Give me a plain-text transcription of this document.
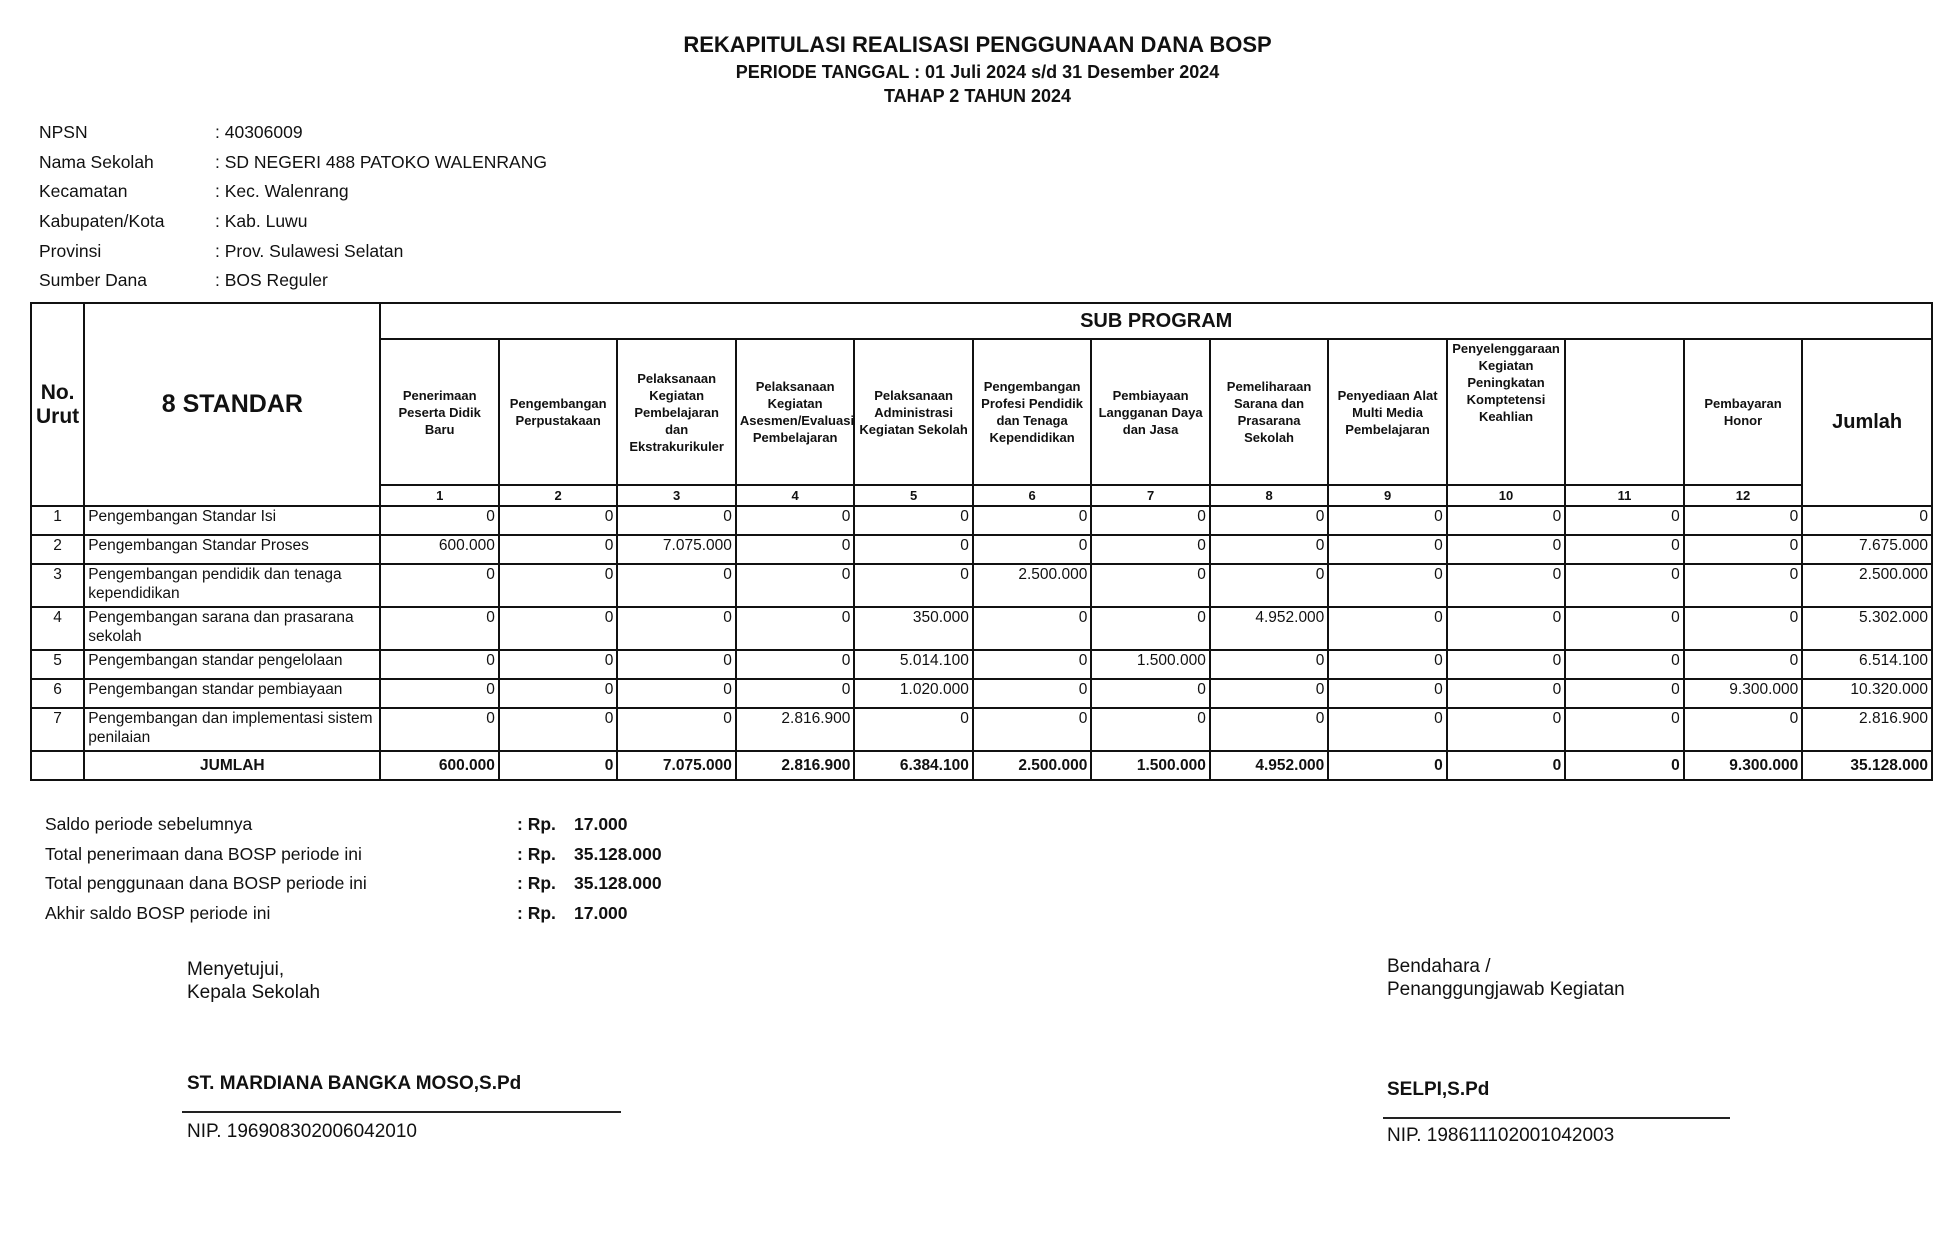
REKAPITULASI REALISASI PENGGUNAAN DANA BOSP
PERIODE TANGGAL : 01 Juli 2024 s/d 31 Desember 2024
TAHAP 2 TAHUN 2024
NPSN	: 40306009
Nama Sekolah	: SD NEGERI 488 PATOKO WALENRANG
Kecamatan	: Kec. Walenrang
Kabupaten/Kota	: Kab. Luwu
Provinsi	: Prov. Sulawesi Selatan
Sumber Dana	: BOS Reguler
No. Urut	8 STANDAR	SUB PROGRAM												
		Penerimaan Peserta Didik Baru	Pengembangan Perpustakaan	Pelaksanaan Kegiatan Pembelajaran dan Ekstrakurikuler	Pelaksanaan Kegiatan Asesmen/Evaluasi Pembelajaran	Pelaksanaan Administrasi Kegiatan Sekolah	Pengembangan Profesi Pendidik dan Tenaga Kependidikan	Pembiayaan Langganan Daya dan Jasa	Pemeliharaan Sarana dan Prasarana Sekolah	Penyediaan Alat Multi Media Pembelajaran	Penyelenggaraan Kegiatan Peningkatan Komptetensi Keahlian		Pembayaran Honor	Jumlah
		1	2	3	4	5	6	7	8	9	10	11	12	
1	Pengembangan Standar Isi	0	0	0	0	0	0	0	0	0	0	0	0	0
2	Pengembangan Standar Proses	600.000	0	7.075.000	0	0	0	0	0	0	0	0	0	7.675.000
3	Pengembangan pendidik dan tenaga kependidikan	0	0	0	0	0	2.500.000	0	0	0	0	0	0	2.500.000
4	Pengembangan sarana dan prasarana sekolah	0	0	0	0	350.000	0	0	4.952.000	0	0	0	0	5.302.000
5	Pengembangan standar pengelolaan	0	0	0	0	5.014.100	0	1.500.000	0	0	0	0	0	6.514.100
6	Pengembangan standar pembiayaan	0	0	0	0	1.020.000	0	0	0	0	0	0	9.300.000	10.320.000
7	Pengembangan dan implementasi sistem penilaian	0	0	0	2.816.900	0	0	0	0	0	0	0	0	2.816.900
	JUMLAH	600.000	0	7.075.000	2.816.900	6.384.100	2.500.000	1.500.000	4.952.000	0	0	0	9.300.000	35.128.000
Saldo periode sebelumnya	: Rp.	17.000
Total penerimaan dana BOSP periode ini	: Rp.	35.128.000
Total penggunaan dana BOSP periode ini	: Rp.	35.128.000
Akhir saldo BOSP periode ini	: Rp.	17.000
Menyetujui,
Kepala Sekolah
ST. MARDIANA BANGKA MOSO,S.Pd
NIP. 196908302006042010
Bendahara /
Penanggungjawab Kegiatan
SELPI,S.Pd
NIP. 198611102001042003
